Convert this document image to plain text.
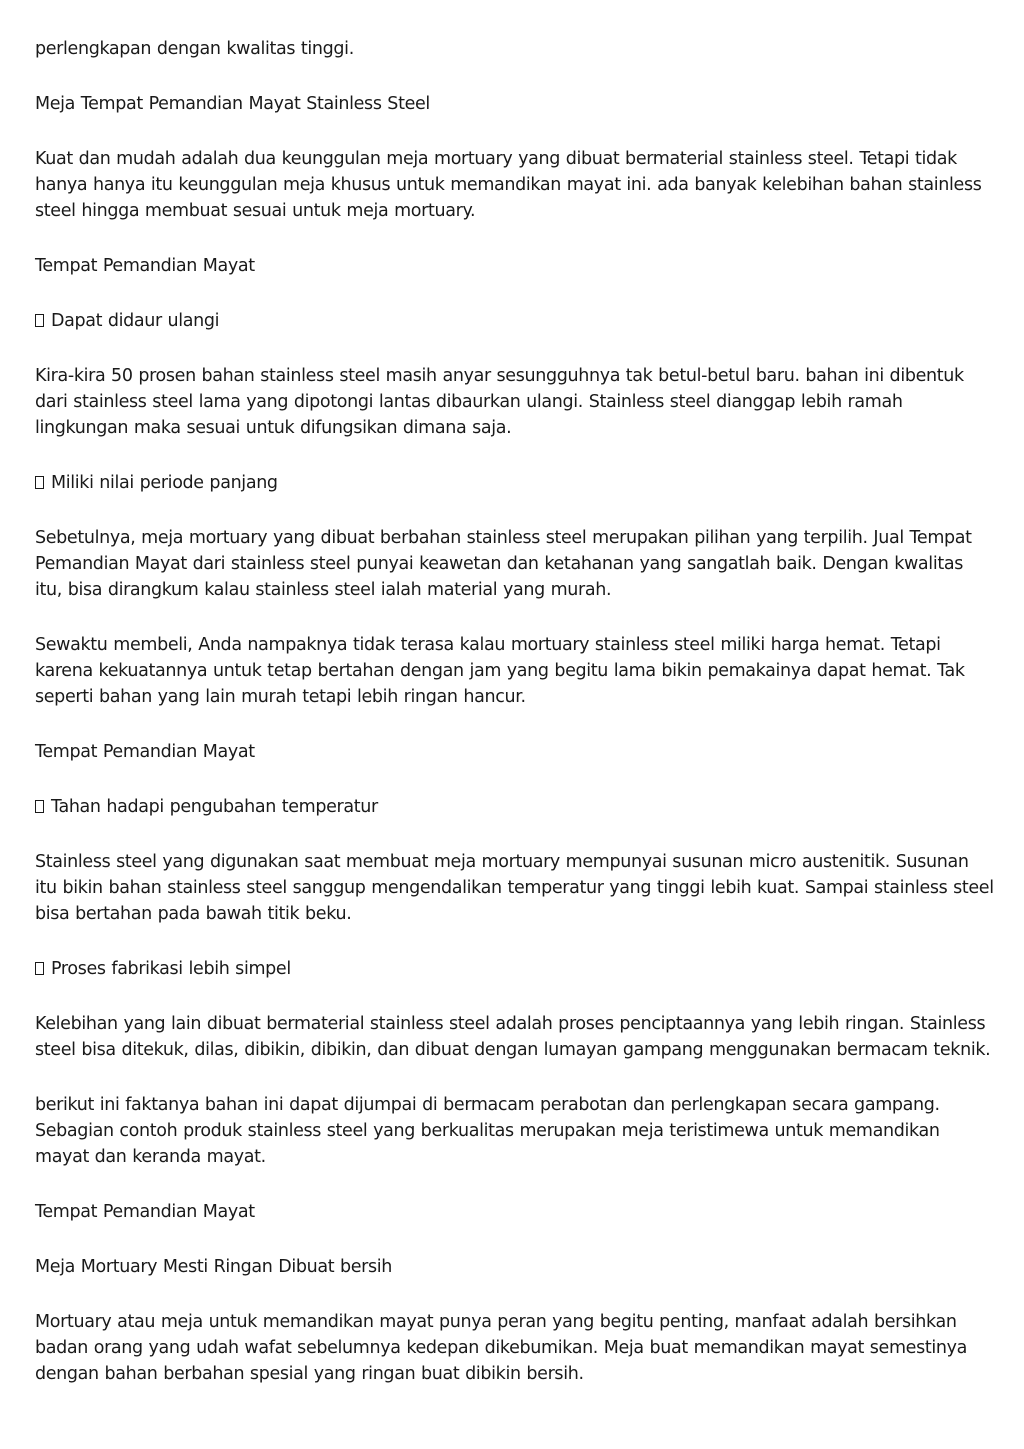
perlengkapan dengan kwalitas tinggi.

Meja Tempat Pemandian Mayat Stainless Steel

Kuat dan mudah adalah dua keunggulan meja mortuary yang dibuat bermaterial stainless steel. Tetapi tidak hanya hanya itu keunggulan meja khusus untuk memandikan mayat ini. ada banyak kelebihan bahan stainless steel hingga membuat sesuai untuk meja mortuary.

Tempat Pemandian Mayat

Dapat didaur ulangi

Kira-kira 50 prosen bahan stainless steel masih anyar sesungguhnya tak betul-betul baru. bahan ini dibentuk dari stainless steel lama yang dipotongi lantas dibaurkan ulangi. Stainless steel dianggap lebih ramah lingkungan maka sesuai untuk difungsikan dimana saja.

Miliki nilai periode panjang

Sebetulnya, meja mortuary yang dibuat berbahan stainless steel merupakan pilihan yang terpilih. Jual Tempat Pemandian Mayat dari stainless steel punyai keawetan dan ketahanan yang sangatlah baik. Dengan kwalitas itu, bisa dirangkum kalau stainless steel ialah material yang murah.

Sewaktu membeli, Anda nampaknya tidak terasa kalau mortuary stainless steel miliki harga hemat. Tetapi karena kekuatannya untuk tetap bertahan dengan jam yang begitu lama bikin pemakainya dapat hemat. Tak seperti bahan yang lain murah tetapi lebih ringan hancur.

Tempat Pemandian Mayat

Tahan hadapi pengubahan temperatur

Stainless steel yang digunakan saat membuat meja mortuary mempunyai susunan micro austenitik. Susunan itu bikin bahan stainless steel sanggup mengendalikan temperatur yang tinggi lebih kuat. Sampai stainless steel bisa bertahan pada bawah titik beku.

Proses fabrikasi lebih simpel

Kelebihan yang lain dibuat bermaterial stainless steel adalah proses penciptaannya yang lebih ringan. Stainless steel bisa ditekuk, dilas, dibikin, dibikin, dan dibuat dengan lumayan gampang menggunakan bermacam teknik.

berikut ini faktanya bahan ini dapat dijumpai di bermacam perabotan dan perlengkapan secara gampang. Sebagian contoh produk stainless steel yang berkualitas merupakan meja teristimewa untuk memandikan mayat dan keranda mayat.

Tempat Pemandian Mayat

Meja Mortuary Mesti Ringan Dibuat bersih

Mortuary atau meja untuk memandikan mayat punya peran yang begitu penting, manfaat adalah bersihkan badan orang yang udah wafat sebelumnya kedepan dikebumikan. Meja buat memandikan mayat semestinya dengan bahan berbahan spesial yang ringan buat dibikin bersih.
